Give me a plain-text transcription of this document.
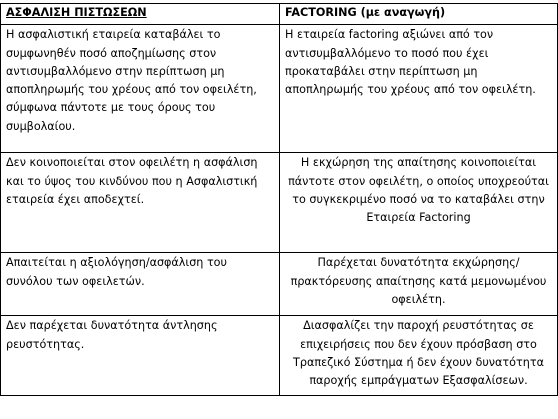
ΑΣΦΑΛΙΣΗ ΠΙΣΤΩΣΕΩΝ	FACTORING (με αναγωγή)
Η ασφαλιστική εταιρεία καταβάλει το συμφωνηθέν ποσό αποζημίωσης στον αντισυμβαλλόμενο στην περίπτωση μη αποπληρωμής του χρέους από τον οφειλέτη, σύμφωνα πάντοτε με τους όρους του συμβολαίου.	Η εταιρεία factoring αξιώνει από τον αντισυμβαλλόμενο το ποσό που έχει προκαταβάλει στην περίπτωση μη αποπληρωμής του χρέους από τον οφειλέτη.
Δεν κοινοποιείται στον οφειλέτη η ασφάλιση και το ύψος του κινδύνου που η Ασφαλιστική εταιρεία έχει αποδεχτεί.	Η εκχώρηση της απαίτησης κοινοποιείται πάντοτε στον οφειλέτη, ο οποίος υποχρεούται το συγκεκριμένο ποσό να το καταβάλει στην Εταιρεία Factoring
Απαιτείται η αξιολόγηση/ασφάλιση του συνόλου των οφειλετών.	Παρέχεται δυνατότητα εκχώρησης/πρακτόρευσης απαίτησης κατά μεμονωμένου οφειλέτη.
Δεν παρέχεται δυνατότητα άντλησης ρευστότητας.	Διασφαλίζει την παροχή ρευστότητας σε επιχειρήσεις που δεν έχουν πρόσβαση στο Τραπεζικό Σύστημα ή δεν έχουν δυνατότητα παροχής εμπράγματων Εξασφαλίσεων.
